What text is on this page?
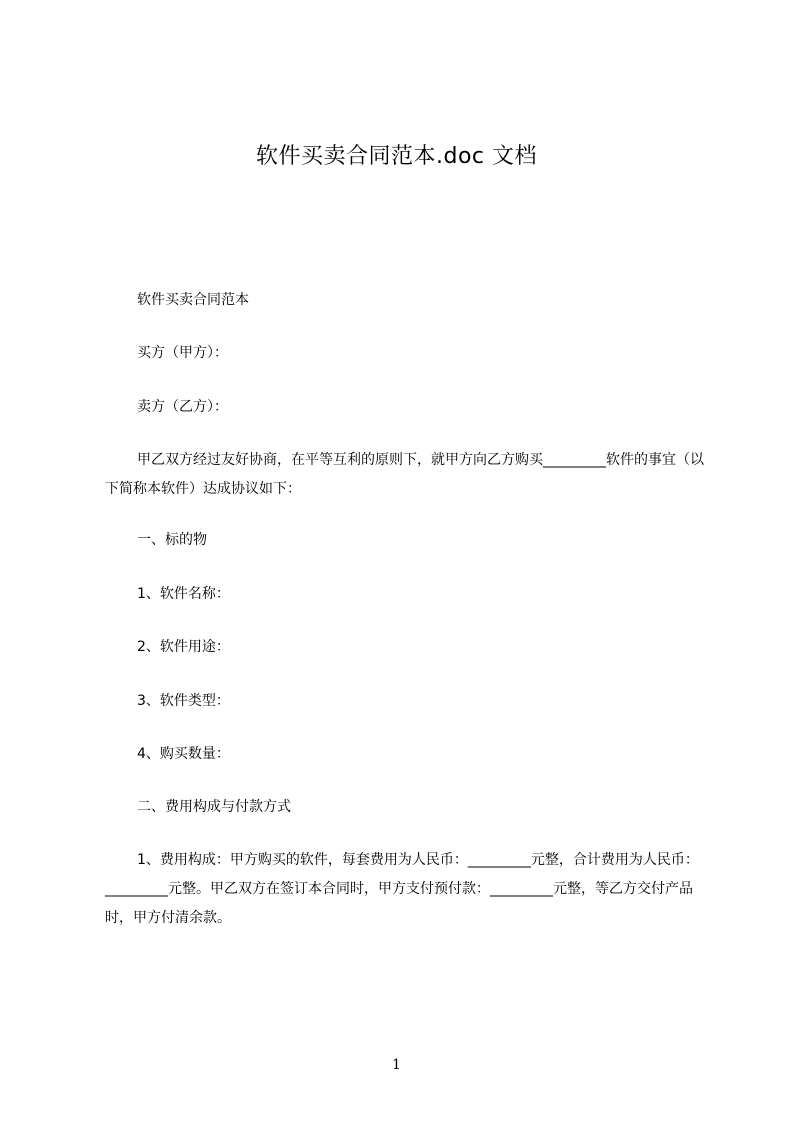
软件买卖合同范本.doc 文档

软件买卖合同范本

买方（甲方）：

卖方（乙方）：

甲乙双方经过友好协商，在平等互利的原则下，就甲方向乙方购买_________软件的事宜（以下简称本软件）达成协议如下：

一、标的物

1、软件名称：

2、软件用途：

3、软件类型：

4、购买数量：

二、费用构成与付款方式

1、费用构成：甲方购买的软件，每套费用为人民币：_________元整，合计费用为人民币：_________元整。甲乙双方在签订本合同时，甲方支付预付款：_________元整，等乙方交付产品时，甲方付清余款。

1
